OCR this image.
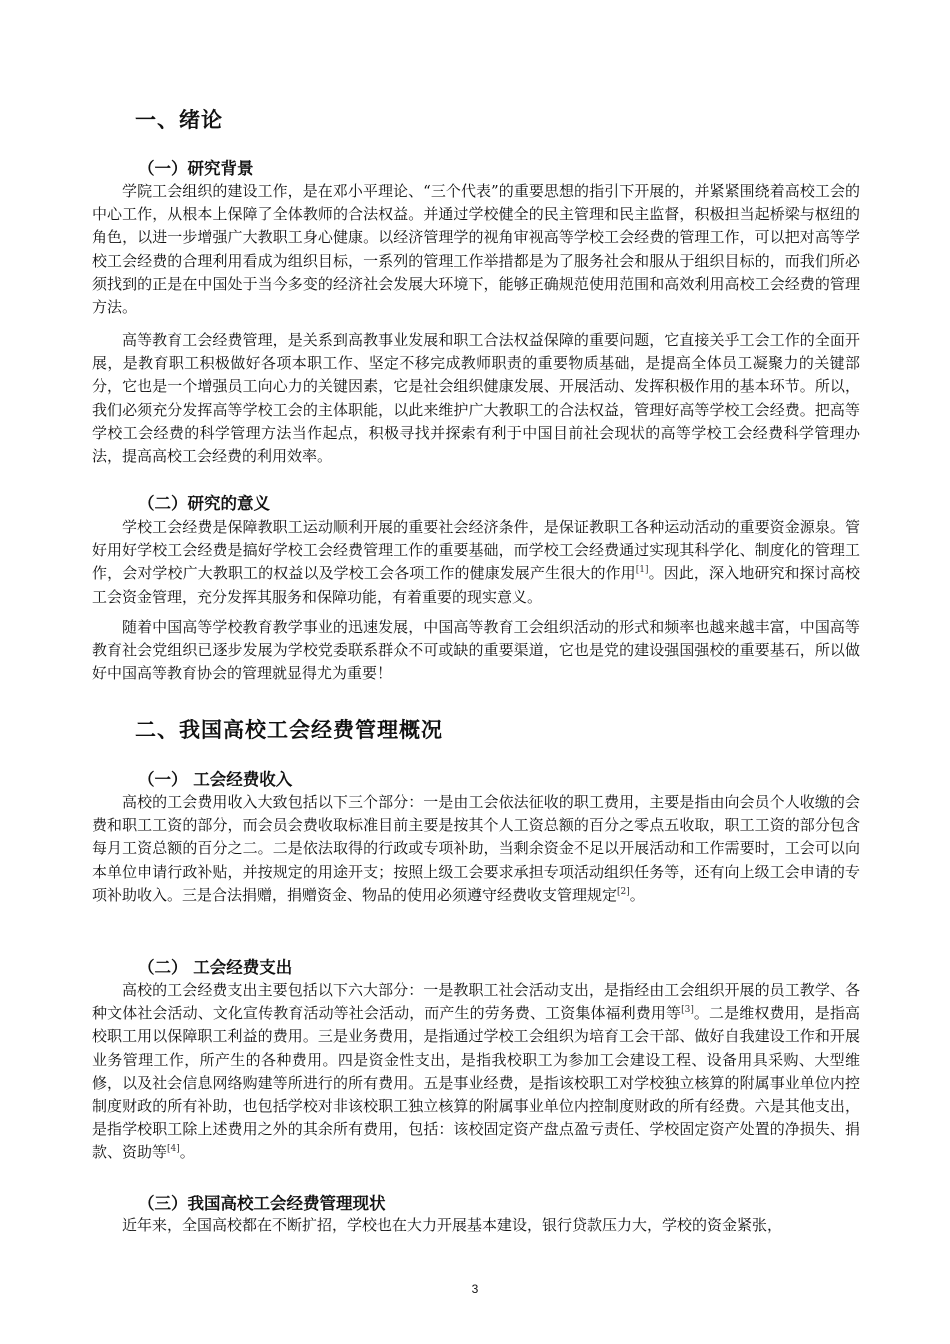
一、绪论
（一）研究背景

学院工会组织的建设工作，是在邓小平理论、“三个代表”的重要思想的指引下开展的，并紧紧围绕着高校工会的中心工作，从根本上保障了全体教师的合法权益。并通过学校健全的民主管理和民主监督，积极担当起桥梁与枢纽的角色，以进一步增强广大教职工身心健康。以经济管理学的视角审视高等学校工会经费的管理工作，可以把对高等学校工会经费的合理利用看成为组织目标，一系列的管理工作举措都是为了服务社会和服从于组织目标的，而我们所必须找到的正是在中国处于当今多变的经济社会发展大环境下，能够正确规范使用范围和高效利用高校工会经费的管理方法。

高等教育工会经费管理，是关系到高教事业发展和职工合法权益保障的重要问题，它直接关乎工会工作的全面开展，是教育职工积极做好各项本职工作、坚定不移完成教师职责的重要物质基础，是提高全体员工凝聚力的关键部分，它也是一个增强员工向心力的关键因素，它是社会组织健康发展、开展活动、发挥积极作用的基本环节。所以，我们必须充分发挥高等学校工会的主体职能，以此来维护广大教职工的合法权益，管理好高等学校工会经费。把高等学校工会经费的科学管理方法当作起点，积极寻找并探索有利于中国目前社会现状的高等学校工会经费科学管理办法，提高高校工会经费的利用效率。

（二）研究的意义

学校工会经费是保障教职工运动顺利开展的重要社会经济条件，是保证教职工各种运动活动的重要资金源泉。管好用好学校工会经费是搞好学校工会经费管理工作的重要基础，而学校工会经费通过实现其科学化、制度化的管理工作，会对学校广大教职工的权益以及学校工会各项工作的健康发展产生很大的作用[1]。因此，深入地研究和探讨高校工会资金管理，充分发挥其服务和保障功能，有着重要的现实意义。

随着中国高等学校教育教学事业的迅速发展，中国高等教育工会组织活动的形式和频率也越来越丰富，中国高等教育社会党组织已逐步发展为学校党委联系群众不可或缺的重要渠道，它也是党的建设强国强校的重要基石，所以做好中国高等教育协会的管理就显得尤为重要！

二、我国高校工会经费管理概况
（一） 工会经费收入

高校的工会费用收入大致包括以下三个部分：一是由工会依法征收的职工费用，主要是指由向会员个人收缴的会费和职工工资的部分，而会员会费收取标准目前主要是按其个人工资总额的百分之零点五收取，职工工资的部分包含每月工资总额的百分之二。二是依法取得的行政或专项补助，当剩余资金不足以开展活动和工作需要时，工会可以向本单位申请行政补贴，并按规定的用途开支；按照上级工会要求承担专项活动组织任务等，还有向上级工会申请的专项补助收入。三是合法捐赠，捐赠资金、物品的使用必须遵守经费收支管理规定[2]。

（二） 工会经费支出

高校的工会经费支出主要包括以下六大部分：一是教职工社会活动支出，是指经由工会组织开展的员工教学、各种文体社会活动、文化宣传教育活动等社会活动，而产生的劳务费、工资集体福利费用等[3]。二是维权费用，是指高校职工用以保障职工利益的费用。三是业务费用，是指通过学校工会组织为培育工会干部、做好自我建设工作和开展业务管理工作，所产生的各种费用。四是资金性支出，是指我校职工为参加工会建设工程、设备用具采购、大型维修，以及社会信息网络购建等所进行的所有费用。五是事业经费，是指该校职工对学校独立核算的附属事业单位内控制度财政的所有补助，也包括学校对非该校职工独立核算的附属事业单位内控制度财政的所有经费。六是其他支出，是指学校职工除上述费用之外的其余所有费用，包括：该校固定资产盘点盈亏责任、学校固定资产处置的净损失、捐款、资助等[4]。

（三）我国高校工会经费管理现状

近年来，全国高校都在不断扩招，学校也在大力开展基本建设，银行贷款压力大，学校的资金紧张，

3
